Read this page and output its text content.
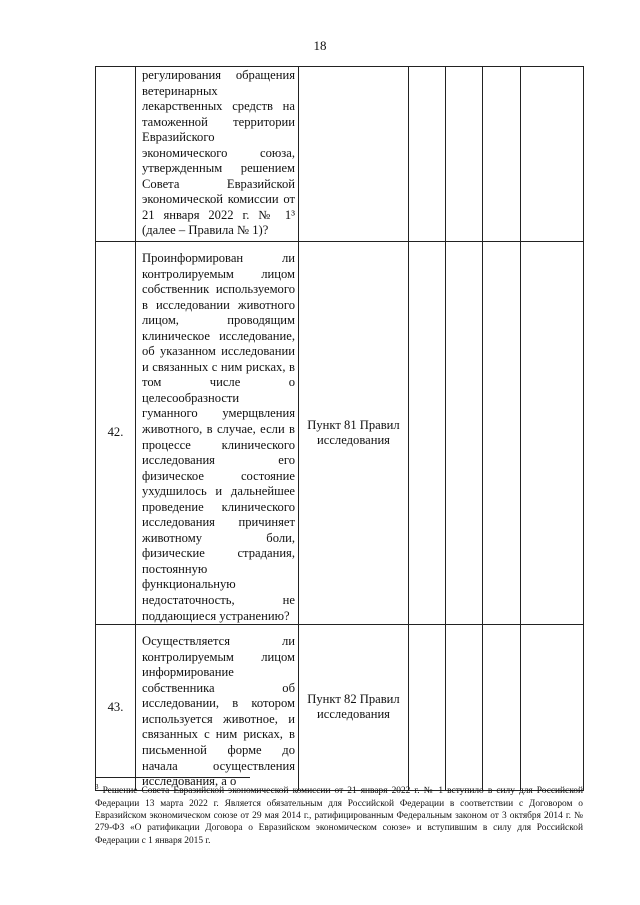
18

	регулирования обращения ветеринарных лекарственных средств на таможенной территории Евразийского экономического союза, утвержденным решением Совета Евразийской экономической комиссии от 21 января 2022 г. № 1³ (далее – Правила № 1)?					

42.	Проинформирован ли контролируемым лицом собственник используемого в исследовании животного лицом, проводящим клиническое исследование, об указанном исследовании и связанных с ним рисках, в том числе о целесообразности гуманного умерщвления животного, в случае, если в процессе клинического исследования его физическое состояние ухудшилось и дальнейшее проведение клинического исследования причиняет животному боли, физические страдания, постоянную функциональную недостаточность, не поддающиеся устранению?	Пункт 81 Правил
исследования				

43.	Осуществляется ли контролируемым лицом информирование собственника об исследовании, в котором используется животное, и связанных с ним рисках, в письменной форме до начала осуществления исследования, а о	Пункт 82 Правил
исследования				

$^3$ Решение Совета Евразийской экономической комиссии от 21 января 2022 г. № 1 вступило в силу для Российской Федерации 13 марта 2022 г. Является обязательным для Российской Федерации в соответствии с Договором о Евразийском экономическом союзе от 29 мая 2014 г., ратифицированным Федеральным законом от 3 октября 2014 г. № 279-ФЗ «О ратификации Договора о Евразийском экономическом союзе» и вступившим в силу для Российской Федерации с 1 января 2015 г.
